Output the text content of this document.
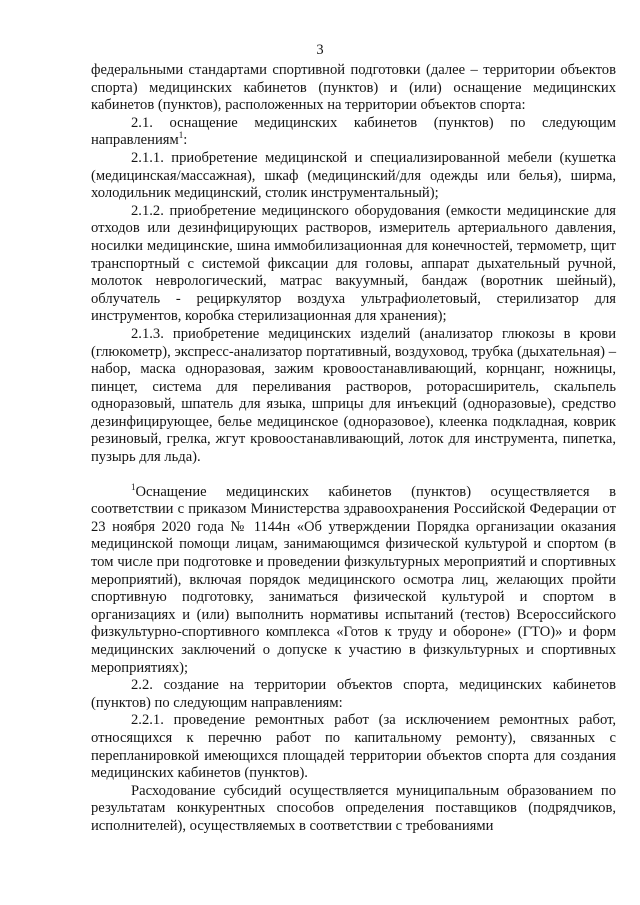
3

федеральными стандартами спортивной подготовки (далее – территории объектов спорта) медицинских кабинетов (пунктов) и (или) оснащение медицинских кабинетов (пунктов), расположенных на территории объектов спорта:

2.1. оснащение медицинских кабинетов (пунктов) по следующим направлениям$^1$:

2.1.1. приобретение медицинской и специализированной мебели (кушетка (медицинская/массажная), шкаф (медицинский/для одежды или белья), ширма, холодильник медицинский, столик инструментальный);

2.1.2. приобретение медицинского оборудования (емкости медицинские для отходов или дезинфицирующих растворов, измеритель артериального давления, носилки медицинские, шина иммобилизационная для конечностей, термометр, щит транспортный с системой фиксации для головы, аппарат дыхательный ручной, молоток неврологический, матрас вакуумный, бандаж (воротник шейный), облучатель - рециркулятор воздуха ультрафиолетовый, стерилизатор для инструментов, коробка стерилизационная для хранения);

2.1.3. приобретение медицинских изделий (анализатор глюкозы в крови (глюкометр), экспресс-анализатор портативный, воздуховод, трубка (дыхательная) – набор, маска одноразовая, зажим кровоостанавливающий, корнцанг, ножницы, пинцет, система для переливания растворов, роторасширитель, скальпель одноразовый, шпатель для языка, шприцы для инъекций (одноразовые), средство дезинфицирующее, белье медицинское (одноразовое), клеенка подкладная, коврик резиновый, грелка, жгут кровоостанавливающий, лоток для инструмента, пипетка, пузырь для льда).

$^1$Оснащение медицинских кабинетов (пунктов) осуществляется в соответствии с приказом Министерства здравоохранения Российской Федерации от 23 ноября 2020 года № 1144н «Об утверждении Порядка организации оказания медицинской помощи лицам, занимающимся физической культурой и спортом (в том числе при подготовке и проведении физкультурных мероприятий и спортивных мероприятий), включая порядок медицинского осмотра лиц, желающих пройти спортивную подготовку, заниматься физической культурой и спортом в организациях и (или) выполнить нормативы испытаний (тестов) Всероссийского физкультурно-спортивного комплекса «Готов к труду и обороне» (ГТО)» и форм медицинских заключений о допуске к участию в физкультурных и спортивных мероприятиях);

2.2. создание на территории объектов спорта, медицинских кабинетов (пунктов) по следующим направлениям:

2.2.1. проведение ремонтных работ (за исключением ремонтных работ, относящихся к перечню работ по капитальному ремонту), связанных с перепланировкой имеющихся площадей территории объектов спорта для создания медицинских кабинетов (пунктов).

Расходование субсидий осуществляется муниципальным образованием по результатам конкурентных способов определения поставщиков (подрядчиков, исполнителей), осуществляемых в соответствии с требованиями
